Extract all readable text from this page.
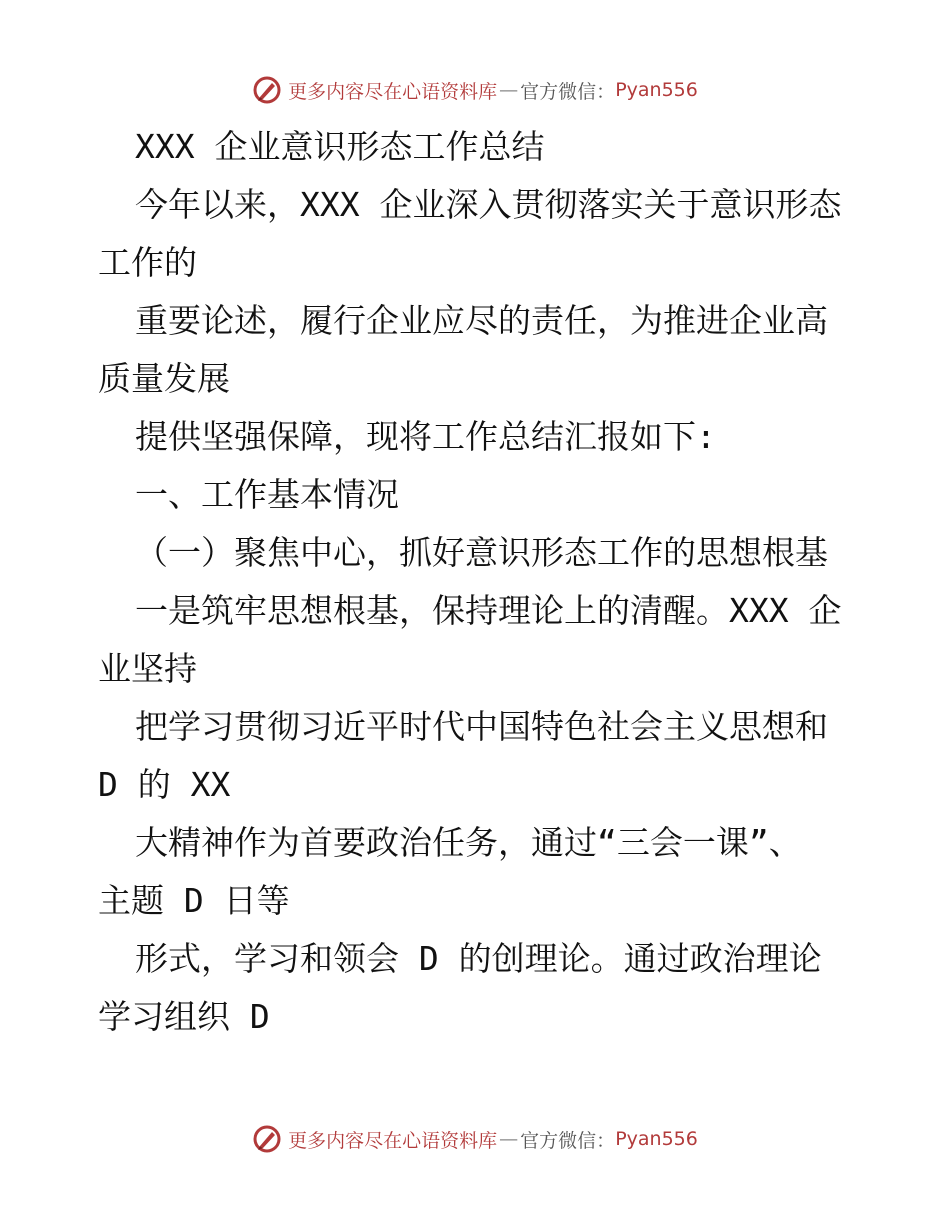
更多内容尽在心语资料库 — 官方微信： Pyan556
XXX 企业意识形态工作总结
今年以来，XXX 企业深入贯彻落实关于意识形态
工作的
重要论述，履行企业应尽的责任，为推进企业高
质量发展
提供坚强保障，现将工作总结汇报如下:
一、工作基本情况
（一）聚焦中心，抓好意识形态工作的思想根基
一是筑牢思想根基，保持理论上的清醒。XXX 企
业坚持
把学习贯彻习近平时代中国特色社会主义思想和
D 的 XX
大精神作为首要政治任务，通过“三会一课”、
主题 D 日等
形式，学习和领会 D 的创理论。通过政治理论
学习组织 D
更多内容尽在心语资料库 — 官方微信： Pyan556
